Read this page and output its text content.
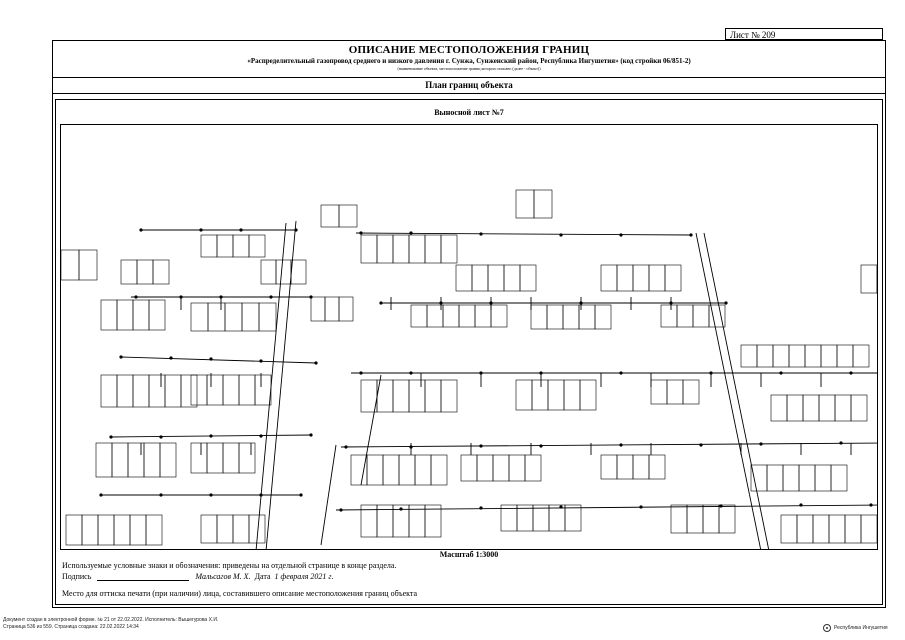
Лист № 209
ОПИСАНИЕ МЕСТОПОЛОЖЕНИЯ ГРАНИЦ
«Распределительный газопровод среднего и низкого давления г. Сунжа, Сунженский район, Республика Ингушетия» (код стройки 06/851-2)
(наименование объекта, местоположение границ которого описано (далее - объект))
План границ объекта
Выносной лист №7
Масштаб 1:3000
Используемые условные знаки и обозначения: приведены на отдельной странице в конце раздела.
Подпись	Мальсагов М. Х. Дата 1 февраля 2021 г.
Место для оттиска печати (при наличии) лица, составившего описание местоположения границ объекта
Документ создан в электронной форме. № 21 от 22.02.2022. Исполнитель: Вышегурова Х.И.
Страница 536 из 559. Страница создана: 22.02.2022 14:34	Республика Ингушетия
